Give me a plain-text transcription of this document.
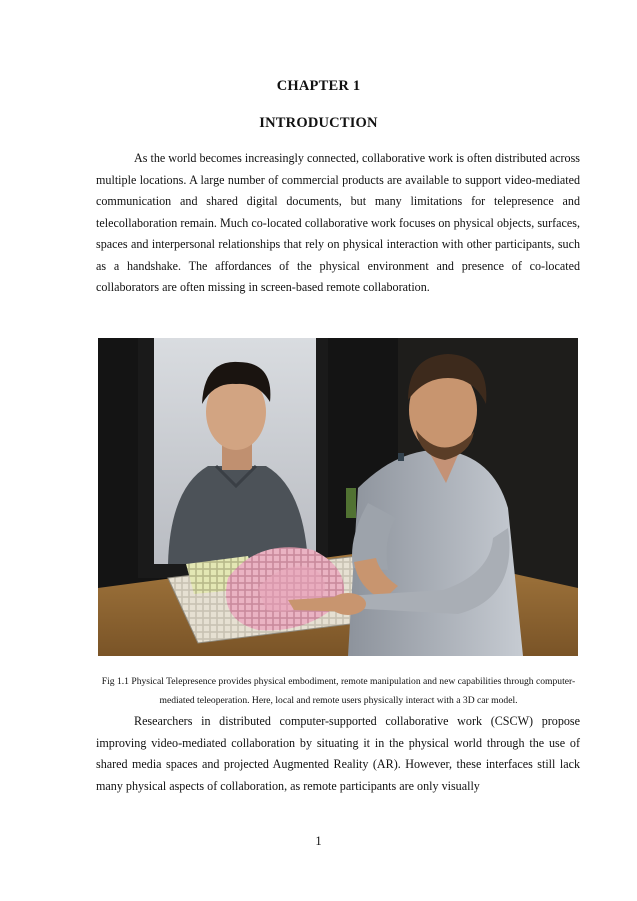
CHAPTER 1
INTRODUCTION

As the world becomes increasingly connected, collaborative work is often distributed across multiple locations. A large number of commercial products are available to support video-mediated communication and shared digital documents, but many limitations for telepresence and telecollaboration remain. Much co-located collaborative work focuses on physical objects, surfaces, spaces and interpersonal relationships that rely on physical interaction with other participants, such as a handshake. The affordances of the physical environment and presence of co-located collaborators are often missing in screen-based remote collaboration.

Fig 1.1 Physical Telepresence provides physical embodiment, remote manipulation and new capabilities through computer-mediated teleoperation. Here, local and remote users physically interact with a 3D car model.

Researchers in distributed computer-supported collaborative work (CSCW) propose improving video-mediated collaboration by situating it in the physical world through the use of shared media spaces and projected Augmented Reality (AR). However, these interfaces still lack many physical aspects of collaboration, as remote participants are only visually

1
